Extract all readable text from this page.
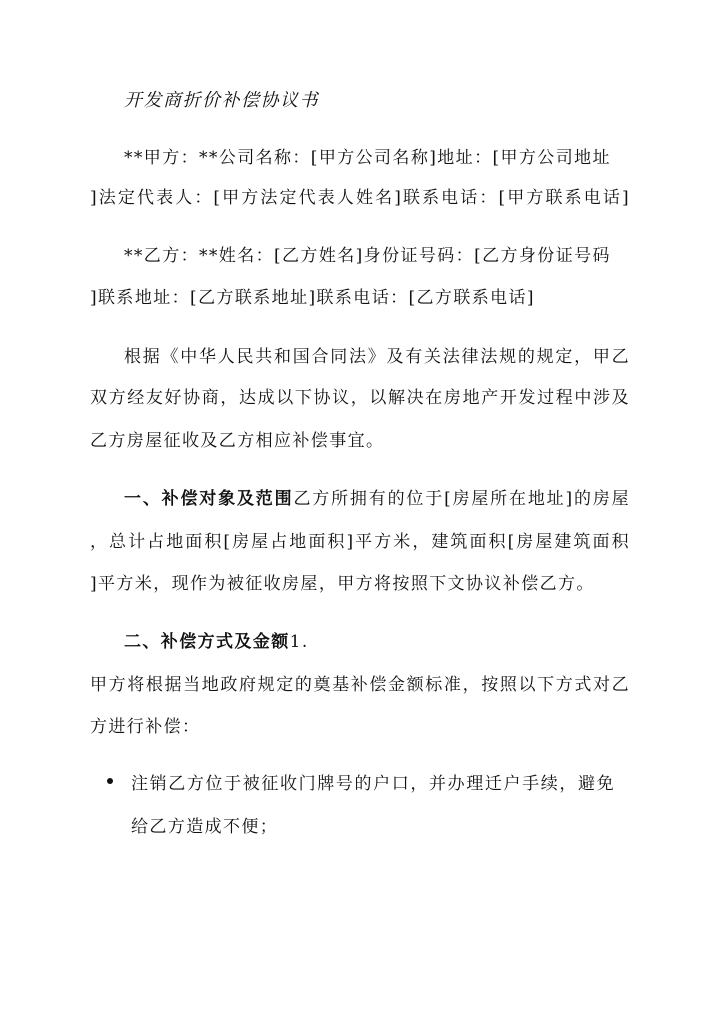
开发商折价补偿协议书
**甲方：**公司名称：[甲方公司名称]地址：[甲方公司地址
]法定代表人：[甲方法定代表人姓名]联系电话：[甲方联系电话]
**乙方：**姓名：[乙方姓名]身份证号码：[乙方身份证号码
]联系地址：[乙方联系地址]联系电话：[乙方联系电话]
根据《中华人民共和国合同法》及有关法律法规的规定，甲乙
双方经友好协商，达成以下协议，以解决在房地产开发过程中涉及
乙方房屋征收及乙方相应补偿事宜。
一、补偿对象及范围乙方所拥有的位于[房屋所在地址]的房屋
，总计占地面积[房屋占地面积]平方米，建筑面积[房屋建筑面积
]平方米，现作为被征收房屋，甲方将按照下文协议补偿乙方。
二、补偿方式及金额1.
甲方将根据当地政府规定的奠基补偿金额标准，按照以下方式对乙
方进行补偿：
注销乙方位于被征收门牌号的户口，并办理迁户手续，避免
给乙方造成不便；
